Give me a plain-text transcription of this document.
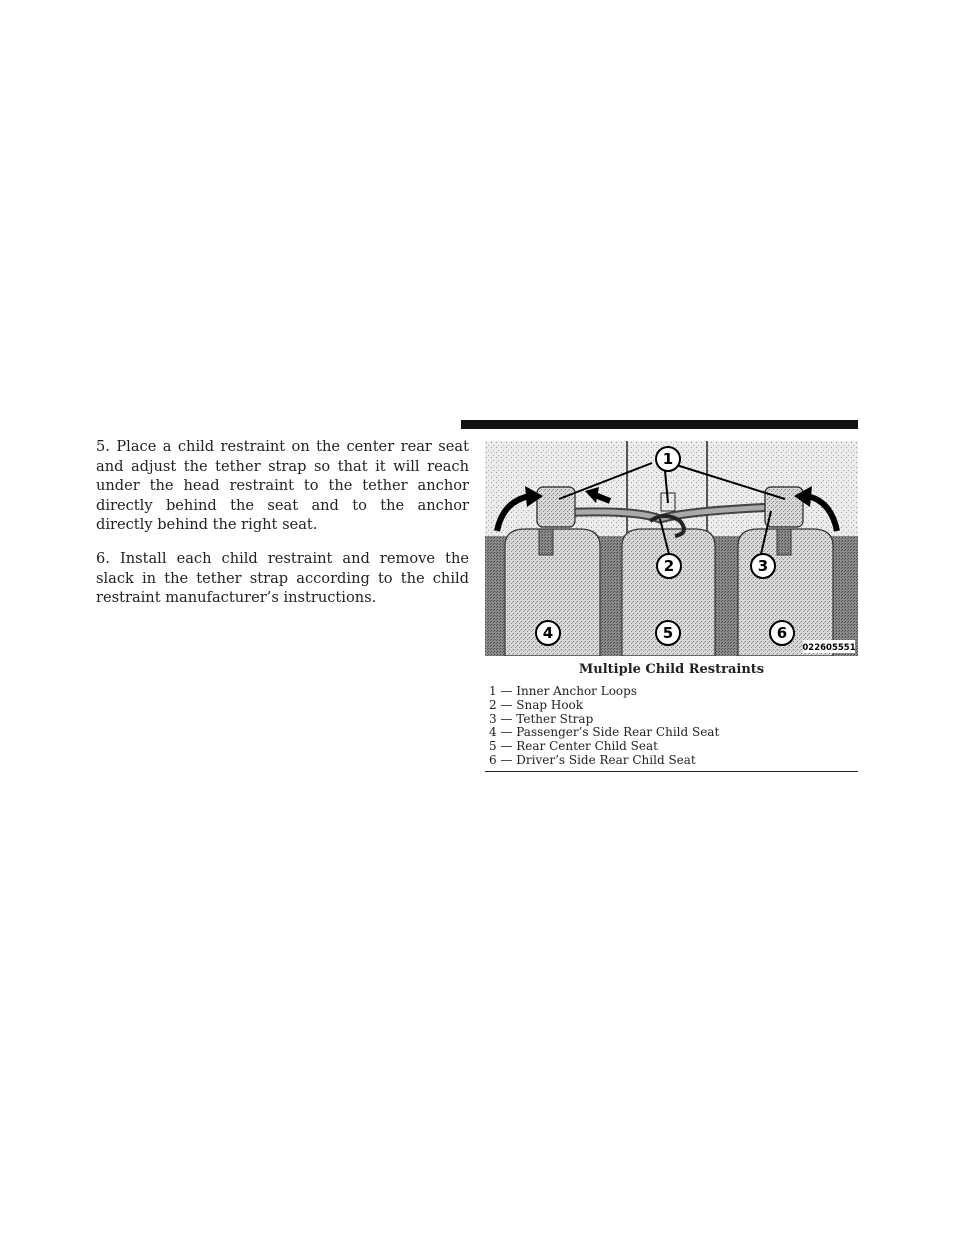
5. Place a child restraint on the center rear seat and adjust the tether strap so that it will reach under the head restraint to the tether anchor directly behind the seat and to the anchor directly behind the right seat.

6. Install each child restraint and remove the slack in the tether strap according to the child restraint manufacturer’s instructions.

1
2	3
4	5	6
022605551
Multiple Child Restraints
1 — Inner Anchor Loops
2 — Snap Hook
3 — Tether Strap
4 — Passenger’s Side Rear Child Seat
5 — Rear Center Child Seat
6 — Driver’s Side Rear Child Seat
